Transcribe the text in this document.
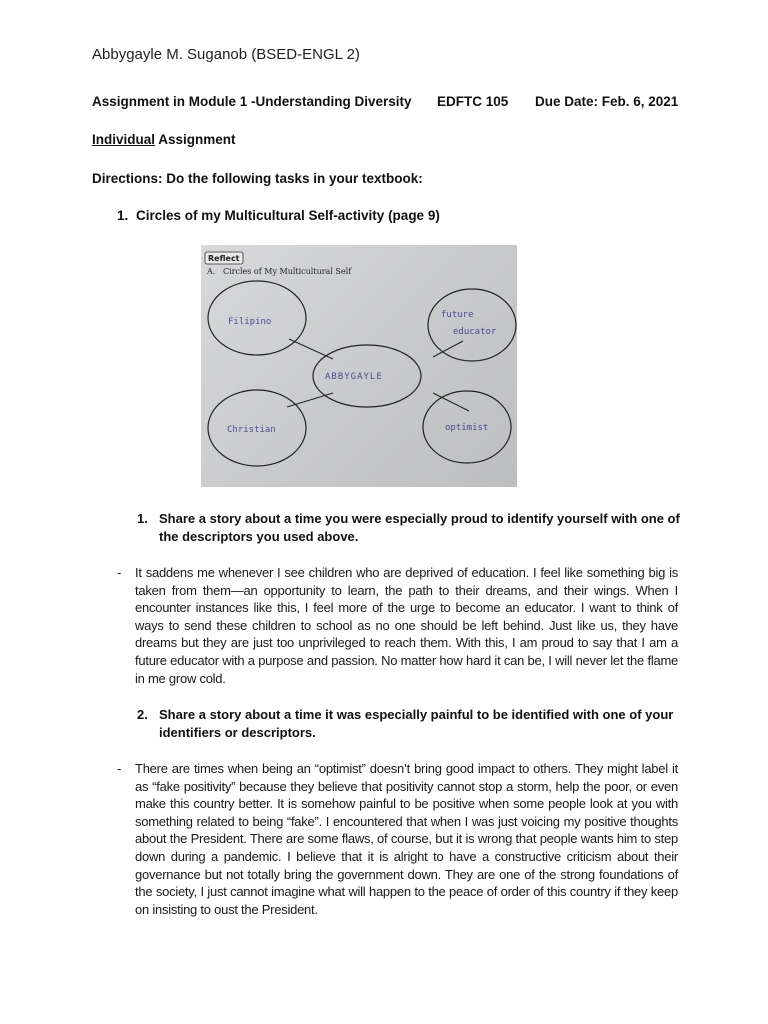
Abbygayle M. Suganob (BSED-ENGL 2)
Assignment in Module 1 -Understanding Diversity EDFTC 105 Due Date: Feb. 6, 2021
Individual Assignment
Directions: Do the following tasks in your textbook:
1. Circles of my Multicultural Self-activity (page 9)
Reflect
A. Circles of My Multicultural Self
Filipino
future
educator
ABBYGAYLE
Christian	optimist
1. Share a story about a time you were especially proud to identify yourself with one of the descriptors you used above.
- It saddens me whenever I see children who are deprived of education. I feel like something big is taken from them—an opportunity to learn, the path to their dreams, and their wings. When I encounter instances like this, I feel more of the urge to become an educator. I want to think of ways to send these children to school as no one should be left behind. Just like us, they have dreams but they are just too unprivileged to reach them. With this, I am proud to say that I am a future educator with a purpose and passion. No matter how hard it can be, I will never let the flame in me grow cold.
2. Share a story about a time it was especially painful to be identified with one of your identifiers or descriptors.
- There are times when being an “optimist” doesn’t bring good impact to others. They might label it as “fake positivity” because they believe that positivity cannot stop a storm, help the poor, or even make this country better. It is somehow painful to be positive when some people look at you with something related to being “fake”. I encountered that when I was just voicing my positive thoughts about the President. There are some flaws, of course, but it is wrong that people wants him to step down during a pandemic. I believe that it is alright to have a constructive criticism about their governance but not totally bring the government down. They are one of the strong foundations of the society, I just cannot imagine what will happen to the peace of order of this country if they keep on insisting to oust the President.
